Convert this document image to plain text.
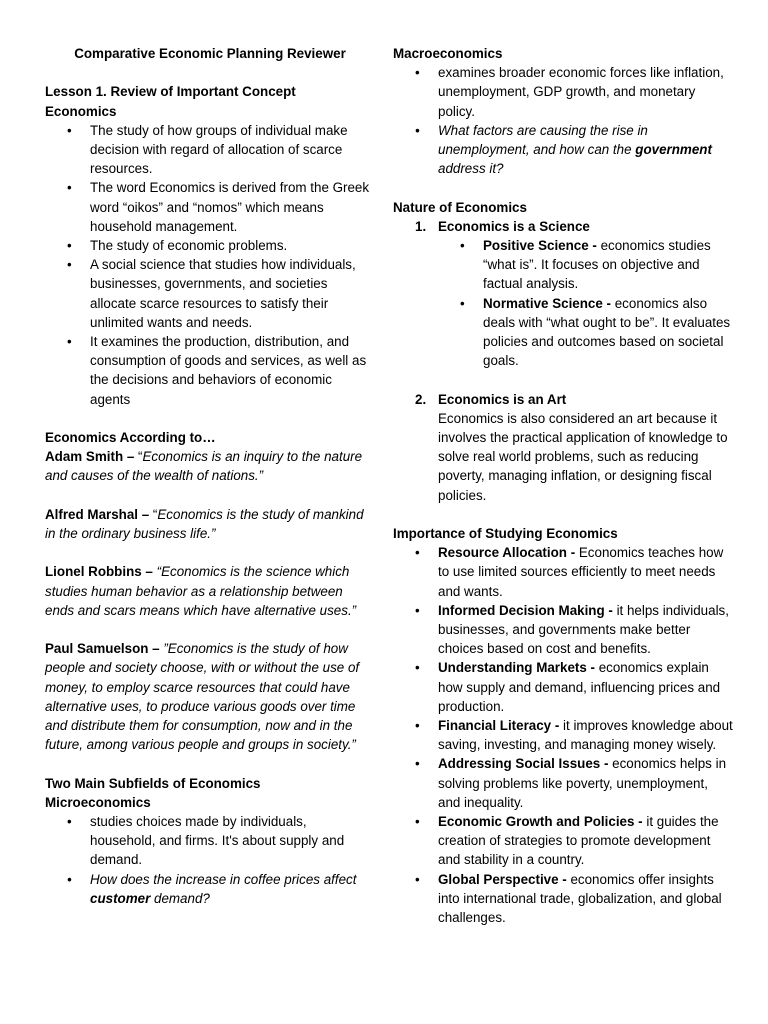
Comparative Economic Planning Reviewer

Lesson 1. Review of Important Concept

Economics

• The study of how groups of individual make decision with regard of allocation of scarce resources.
• The word Economics is derived from the Greek word “oikos” and “nomos” which means household management.
• The study of economic problems.
• A social science that studies how individuals, businesses, governments, and societies allocate scarce resources to satisfy their unlimited wants and needs.
• It examines the production, distribution, and consumption of goods and services, as well as the decisions and behaviors of economic agents

Economics According to…

Adam Smith – “Economics is an inquiry to the nature and causes of the wealth of nations.”

Alfred Marshal – “Economics is the study of mankind in the ordinary business life.”

Lionel Robbins – “Economics is the science which studies human behavior as a relationship between ends and scars means which have alternative uses.”

Paul Samuelson – ”Economics is the study of how people and society choose, with or without the use of money, to employ scarce resources that could have alternative uses, to produce various goods over time and distribute them for consumption, now and in the future, among various people and groups in society.”

Two Main Subfields of Economics

Microeconomics

• studies choices made by individuals, household, and firms. It's about supply and demand.
• How does the increase in coffee prices affect customer demand?

Macroeconomics

• examines broader economic forces like inflation, unemployment, GDP growth, and monetary policy.
• What factors are causing the rise in unemployment, and how can the government address it?

Nature of Economics

1. Economics is a Science

• Positive Science - economics studies “what is”. It focuses on objective and factual analysis.
• Normative Science - economics also deals with “what ought to be”. It evaluates policies and outcomes based on societal goals.
2. Economics is an Art

Economics is also considered an art because it involves the practical application of knowledge to solve real world problems, such as reducing poverty, managing inflation, or designing fiscal policies.

Importance of Studying Economics

• Resource Allocation - Economics teaches how to use limited sources efficiently to meet needs and wants.
• Informed Decision Making - it helps individuals, businesses, and governments make better choices based on cost and benefits.
• Understanding Markets - economics explain how supply and demand, influencing prices and production.
• Financial Literacy - it improves knowledge about saving, investing, and managing money wisely.
• Addressing Social Issues - economics helps in solving problems like poverty, unemployment, and inequality.
• Economic Growth and Policies - it guides the creation of strategies to promote development and stability in a country.
• Global Perspective - economics offer insights into international trade, globalization, and global challenges.
